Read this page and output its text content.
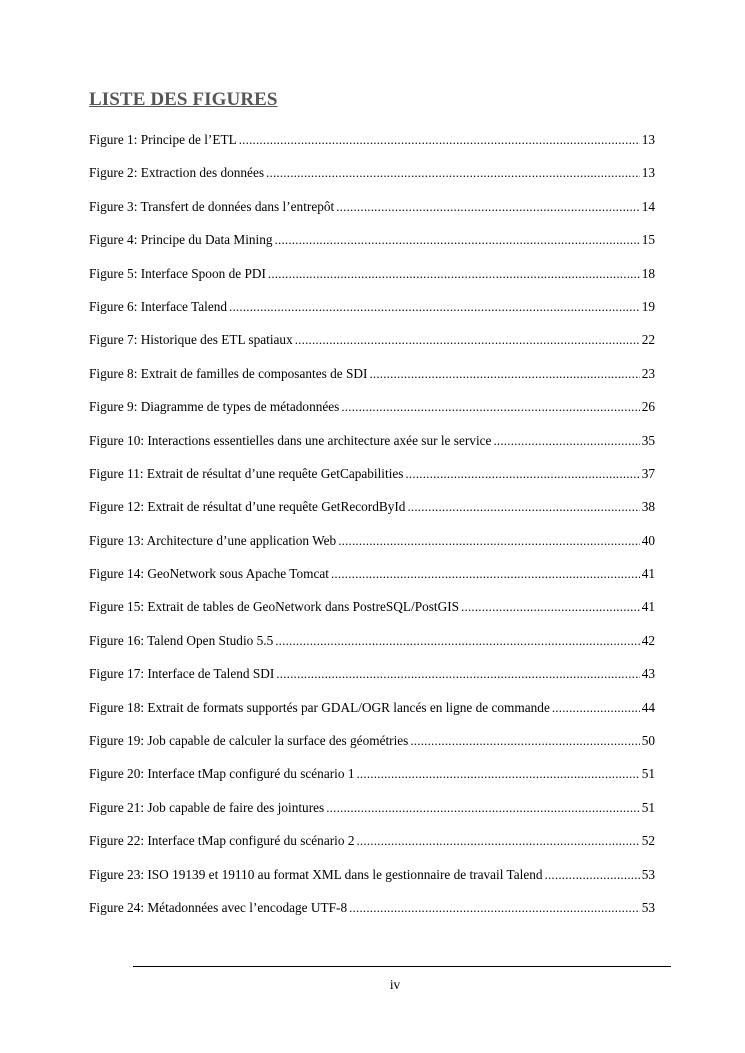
LISTE DES FIGURES
Figure 1: Principe de l’ETL .....	13
Figure 2: Extraction des données .....	13
Figure 3: Transfert de données dans l’entrepôt .....	14
Figure 4: Principe du Data Mining .....	15
Figure 5: Interface Spoon de PDI .....	18
Figure 6: Interface Talend .....	19
Figure 7: Historique des ETL spatiaux .....	22
Figure 8: Extrait de familles de composantes de SDI .....	23
Figure 9: Diagramme de types de métadonnées .....	26
Figure 10: Interactions essentielles dans une architecture axée sur le service .....	35
Figure 11: Extrait de résultat d’une requête GetCapabilities .....	37
Figure 12: Extrait de résultat d’une requête GetRecordById .....	38
Figure 13: Architecture d’une application Web .....	40
Figure 14: GeoNetwork sous Apache Tomcat .....	41
Figure 15: Extrait de tables de GeoNetwork dans PostreSQL/PostGIS .....	41
Figure 16: Talend Open Studio 5.5 .....	42
Figure 17: Interface de Talend SDI .....	43
Figure 18: Extrait de formats supportés par GDAL/OGR lancés en ligne de commande .....	44
Figure 19: Job capable de calculer la surface des géométries .....	50
Figure 20: Interface tMap configuré du scénario 1 .....	51
Figure 21: Job capable de faire des jointures .....	51
Figure 22: Interface tMap configuré du scénario 2 .....	52
Figure 23: ISO 19139 et 19110 au format XML dans le gestionnaire de travail Talend .....	53
Figure 24: Métadonnées avec l’encodage UTF-8 .....	53
iv
